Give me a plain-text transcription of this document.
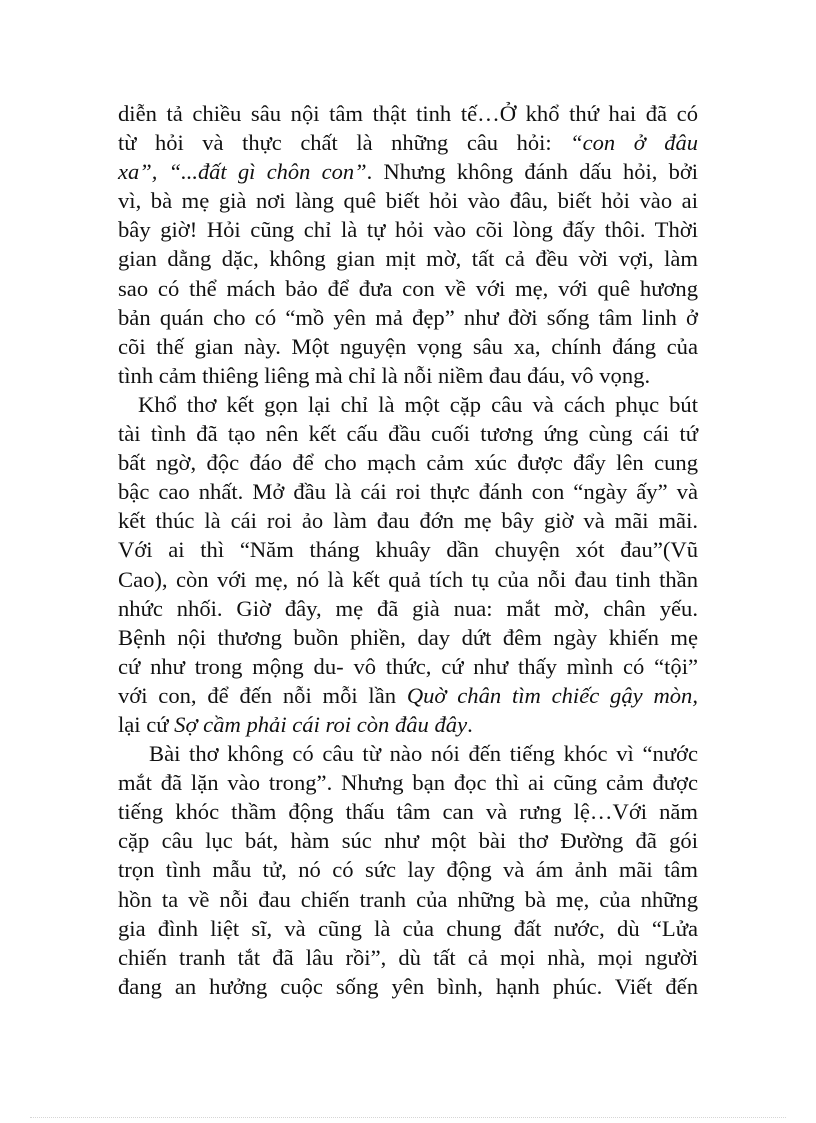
diễn tả chiều sâu nội tâm thật tinh tế…Ở khổ thứ hai đã có
từ hỏi và thực chất là những câu hỏi: “con ở đâu
xa”, “...đất gì chôn con”. Nhưng không đánh dấu hỏi, bởi
vì, bà mẹ già nơi làng quê biết hỏi vào đâu, biết hỏi vào ai
bây giờ! Hỏi cũng chỉ là tự hỏi vào cõi lòng đấy thôi. Thời
gian dằng dặc, không gian mịt mờ, tất cả đều vời vợi, làm
sao có thể mách bảo để đưa con về với mẹ, với quê hương
bản quán cho có “mồ yên mả đẹp” như đời sống tâm linh ở
cõi thế gian này. Một nguyện vọng sâu xa, chính đáng của
tình cảm thiêng liêng mà chỉ là nỗi niềm đau đáu, vô vọng.

Khổ thơ kết gọn lại chỉ là một cặp câu và cách phục bút
tài tình đã tạo nên kết cấu đầu cuối tương ứng cùng cái tứ
bất ngờ, độc đáo để cho mạch cảm xúc được đẩy lên cung
bậc cao nhất. Mở đầu là cái roi thực đánh con “ngày ấy” và
kết thúc là cái roi ảo làm đau đớn mẹ bây giờ và mãi mãi.
Với ai thì “Năm tháng khuây dần chuyện xót đau”(Vũ
Cao), còn với mẹ, nó là kết quả tích tụ của nỗi đau tinh thần
nhức nhối. Giờ đây, mẹ đã già nua: mắt mờ, chân yếu.
Bệnh nội thương buồn phiền, day dứt đêm ngày khiến mẹ
cứ như trong mộng du- vô thức, cứ như thấy mình có “tội”
với con, để đến nỗi mỗi lần Quờ chân tìm chiếc gậy mòn,
lại cứ Sợ cầm phải cái roi còn đâu đây.

Bài thơ không có câu từ nào nói đến tiếng khóc vì “nước
mắt đã lặn vào trong”. Nhưng bạn đọc thì ai cũng cảm được
tiếng khóc thầm động thấu tâm can và rưng lệ…Với năm
cặp câu lục bát, hàm súc như một bài thơ Đường đã gói
trọn tình mẫu tử, nó có sức lay động và ám ảnh mãi tâm
hồn ta về nỗi đau chiến tranh của những bà mẹ, của những
gia đình liệt sĩ, và cũng là của chung đất nước, dù “Lửa
chiến tranh tắt đã lâu rồi”, dù tất cả mọi nhà, mọi người
đang an hưởng cuộc sống yên bình, hạnh phúc. Viết đến
